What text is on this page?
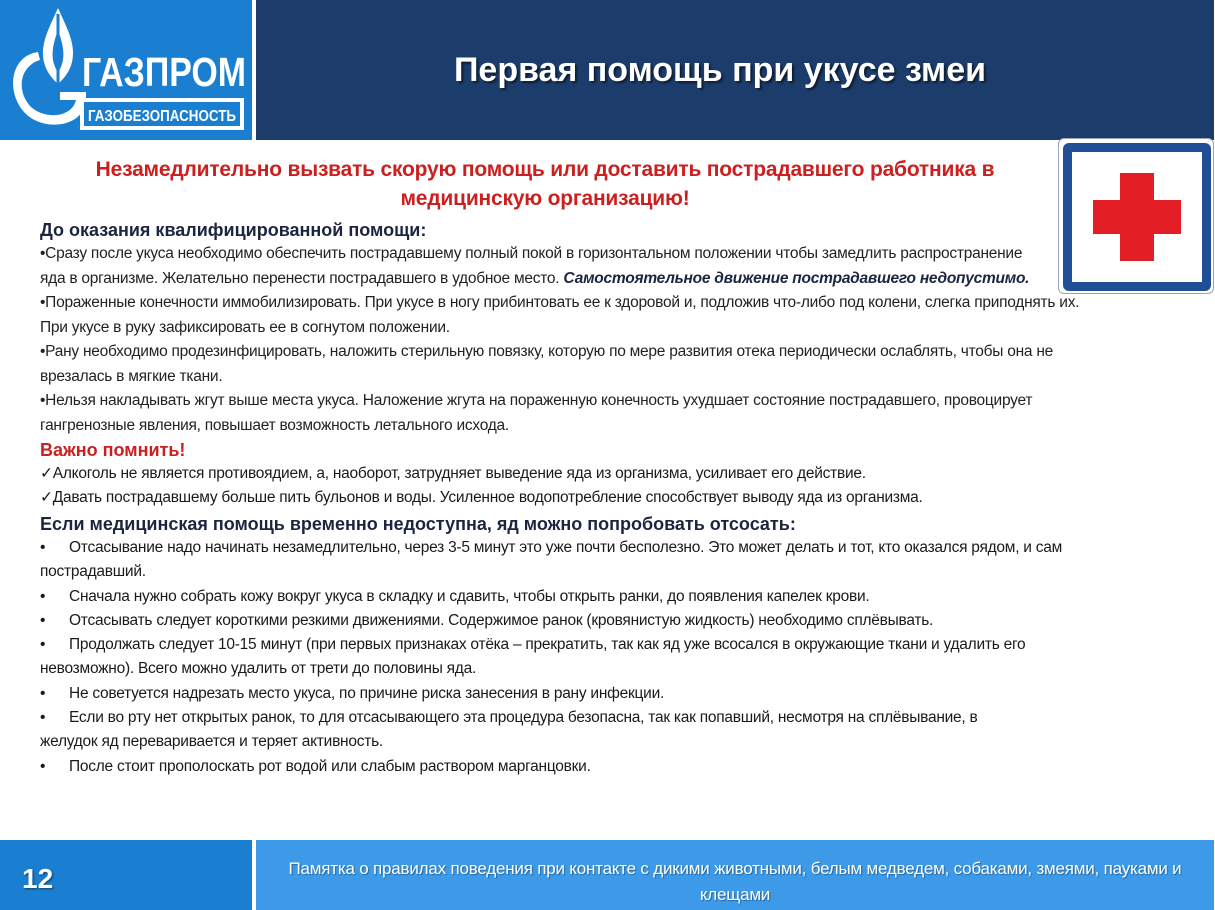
ГАЗПРОМ
ГАЗОБЕЗОПАСНОСТЬ
Первая помощь при укусе змеи
Незамедлительно вызвать скорую помощь или доставить пострадавшего работника в
медицинскую организацию!
До оказания квалифицированной помощи:
•Сразу после укуса необходимо обеспечить пострадавшему полный покой в горизонтальном положении чтобы замедлить распространение яда в организме. Желательно перенести пострадавшего в удобное место. Самостоятельное движение пострадавшего недопустимо.
•Пораженные конечности иммобилизировать. При укусе в ногу прибинтовать ее к здоровой и, подложив что-либо под колени, слегка приподнять их. При укусе в руку зафиксировать ее в согнутом положении.
•Рану необходимо продезинфицировать, наложить стерильную повязку, которую по мере развития отека периодически ослаблять, чтобы она не врезалась в мягкие ткани.
•Нельзя накладывать жгут выше места укуса. Наложение жгута на пораженную конечность ухудшает состояние пострадавшего, провоцирует гангренозные явления, повышает возможность летального исхода.
Важно помнить!
✓Алкоголь не является противоядием, а, наоборот, затрудняет выведение яда из организма, усиливает его действие.
✓Давать пострадавшему больше пить бульонов и воды. Усиленное водопотребление способствует выводу яда из организма.
Если медицинская помощь временно недоступна, яд можно попробовать отсосать:
• Отсасывание надо начинать незамедлительно, через 3-5 минут это уже почти бесполезно. Это может делать и тот, кто оказался рядом, и сам пострадавший.
• Сначала нужно собрать кожу вокруг укуса в складку и сдавить, чтобы открыть ранки, до появления капелек крови.
• Отсасывать следует короткими резкими движениями. Содержимое ранок (кровянистую жидкость) необходимо сплёвывать.
• Продолжать следует 10-15 минут (при первых признаках отёка – прекратить, так как яд уже всосался в окружающие ткани и удалить его невозможно). Всего можно удалить от трети до половины яда.
• Не советуется надрезать место укуса, по причине риска занесения в рану инфекции.
• Если во рту нет открытых ранок, то для отсасывающего эта процедура безопасна, так как попавший, несмотря на сплёвывание, в желудок яд переваривается и теряет активность.
• После стоит прополоскать рот водой или слабым раствором марганцовки.
12	Памятка о правилах поведения при контакте с дикими животными, белым медведем, собаками, змеями, пауками и клещами
